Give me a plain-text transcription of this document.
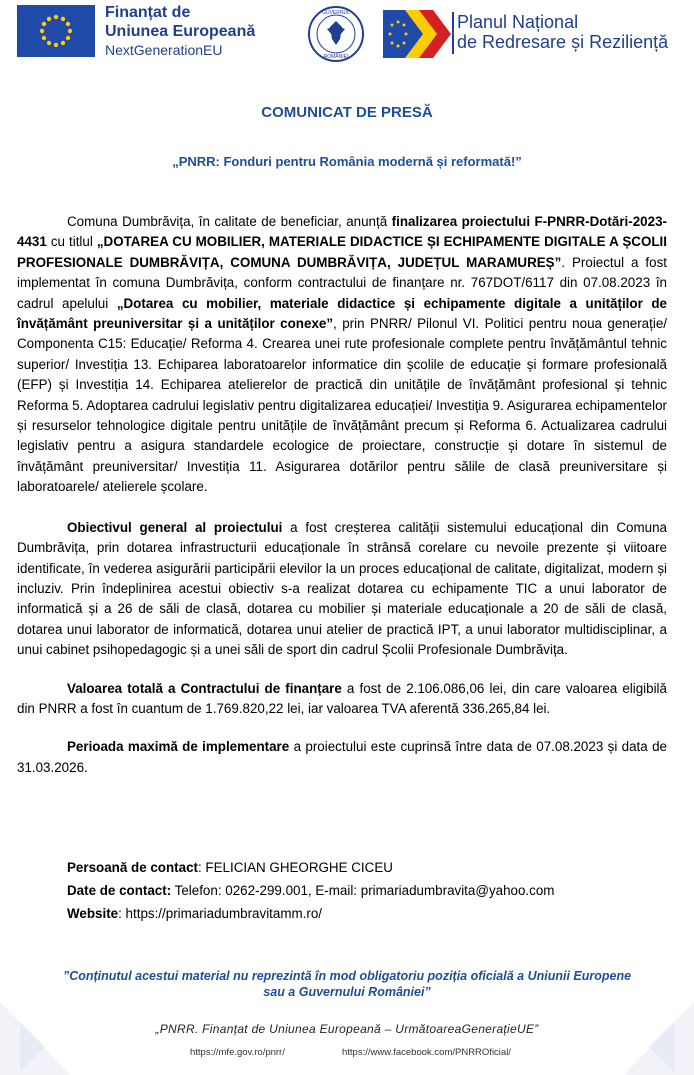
Finanțat de
Uniunea Europeană
NextGenerationEU
GUVERNUL
ROMÂNIEI
Planul Național
de Redresare și Reziliență
COMUNICAT DE PRESĂ
„PNRR: Fonduri pentru România modernă și reformată!”

Comuna Dumbrăvița, în calitate de beneficiar, anunță finalizarea proiectului F-PNRR-Dotări-2023-4431 cu titlul „DOTAREA CU MOBILIER, MATERIALE DIDACTICE ȘI ECHIPAMENTE DIGITALE A ȘCOLII PROFESIONALE DUMBRĂVIȚA, COMUNA DUMBRĂVIȚA, JUDEȚUL MARAMUREȘ”. Proiectul a fost implementat în comuna Dumbrăvița, conform contractului de finanțare nr. 767DOT/6117 din 07.08.2023 în cadrul apelului „Dotarea cu mobilier, materiale didactice și echipamente digitale a unităților de învățământ preuniversitar și a unităților conexe”, prin PNRR/ Pilonul VI. Politici pentru noua generație/ Componenta C15: Educație/ Reforma 4. Crearea unei rute profesionale complete pentru învățământul tehnic superior/ Investiția 13. Echiparea laboratoarelor informatice din școlile de educație și formare profesională (EFP) și Investiția 14. Echiparea atelierelor de practică din unitățile de învățământ profesional și tehnic Reforma 5. Adoptarea cadrului legislativ pentru digitalizarea educației/ Investiția 9. Asigurarea echipamentelor și resurselor tehnologice digitale pentru unitățile de învățământ precum și Reforma 6. Actualizarea cadrului legislativ pentru a asigura standardele ecologice de proiectare, construcție și dotare în sistemul de învățământ preuniversitar/ Investiția 11. Asigurarea dotărilor pentru sălile de clasă preuniversitare și laboratoarele/ atelierele școlare.

Obiectivul general al proiectului a fost creșterea calității sistemului educațional din Comuna Dumbrăvița, prin dotarea infrastructurii educaționale în strânsă corelare cu nevoile prezente și viitoare identificate, în vederea asigurării participării elevilor la un proces educațional de calitate, digitalizat, modern și incluziv. Prin îndeplinirea acestui obiectiv s-a realizat dotarea cu echipamente TIC a unui laborator de informatică și a 26 de săli de clasă, dotarea cu mobilier și materiale educaționale a 20 de săli de clasă, dotarea unui laborator de informatică, dotarea unui atelier de practică IPT, a unui laborator multidisciplinar, a unui cabinet psihopedagogic și a unei săli de sport din cadrul Școlii Profesionale Dumbrăvița.

Valoarea totală a Contractului de finanțare a fost de 2.106.086,06 lei, din care valoarea eligibilă din PNRR a fost în cuantum de 1.769.820,22 lei, iar valoarea TVA aferentă 336.265,84 lei.

Perioada maximă de implementare a proiectului este cuprinsă între data de 07.08.2023 și data de 31.03.2026.

Persoană de contact: FELICIAN GHEORGHE CICEU
Date de contact: Telefon: 0262-299.001, E-mail: primariadumbravita@yahoo.com
Website: https://primariadumbravitamm.ro/
”Conținutul acestui material nu reprezintă în mod obligatoriu poziția oficială a Uniunii Europene
sau a Guvernului României”
„PNRR. Finanțat de Uniunea Europeană – UrmătoareaGenerațieUE”
https://mfe.gov.ro/pnrr/	https://www.facebook.com/PNRROficial/
